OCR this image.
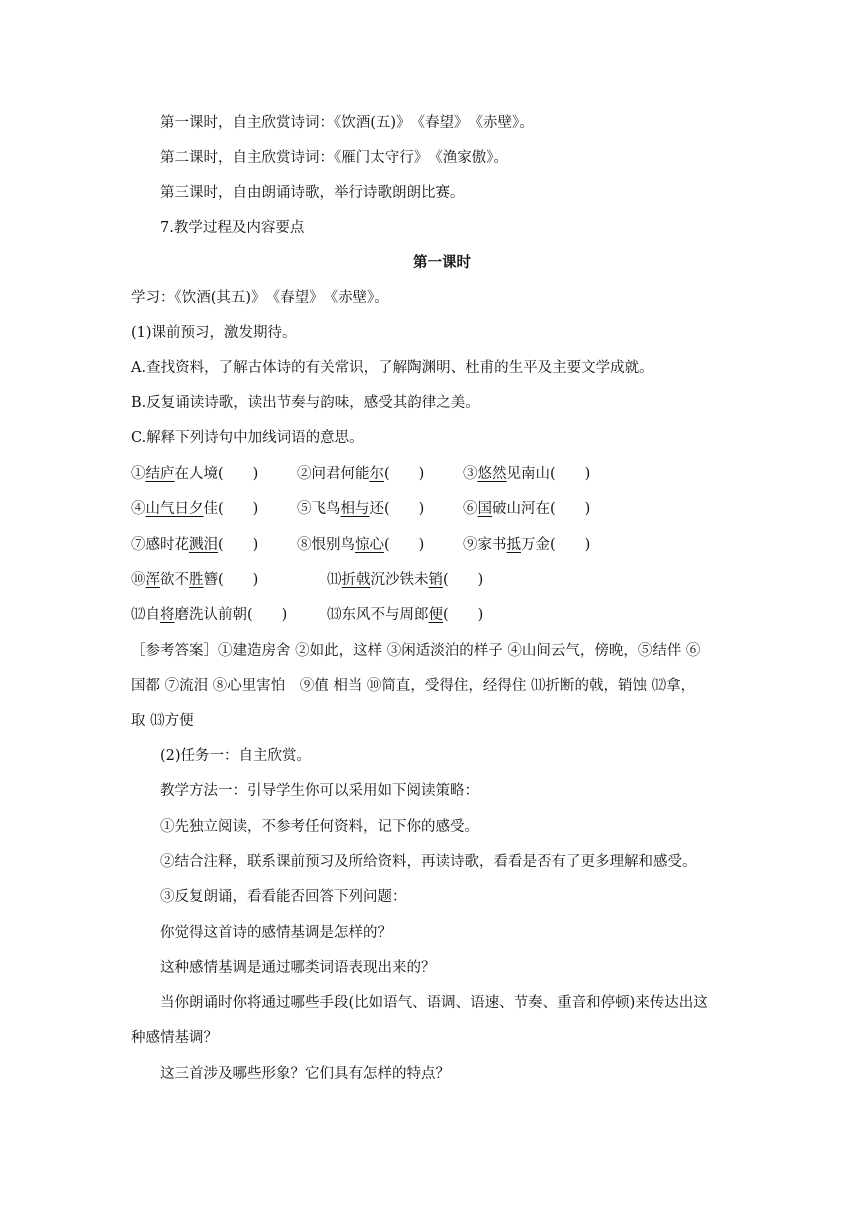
第一课时，自主欣赏诗词：《饮酒(五)》　《春望》　《赤壁》。
第二课时，自主欣赏诗词：《雁门太守行》　《渔家傲》。
第三课时，自由朗诵诗歌，举行诗歌朗朗比赛。
7.教学过程及内容要点
第一课时
学习：《饮酒(其五)》　《春望》　《赤壁》。
(1)课前预习，激发期待。
A.查找资料，了解古体诗的有关常识，了解陶渊明、杜甫的生平及主要文学成就。
B.反复诵读诗歌，读出节奏与韵味，感受其韵律之美。
C.解释下列诗句中加线词语的意思。
①结庐在人境(　　)	②问君何能尔(　　)	③悠然见南山(　　)
④山气日夕佳(　　)	⑤飞鸟相与还(　　)	⑥国破山河在(　　)
⑦感时花溅泪(　　)	⑧恨别鸟惊心(　　)	⑨家书抵万金(　　)
⑩浑欲不胜簪(　　)	⑾折戟沉沙铁未销(　　)
⑿自将磨洗认前朝(　　)	⒀东风不与周郎便(　　)
［参考答案］①建造房舍 ②如此，这样 ③闲适淡泊的样子 ④山间云气，傍晚，⑤结伴 ⑥
国都 ⑦流泪 ⑧心里害怕　⑨值 相当 ⑩简直，受得住，经得住 ⑾折断的戟，销蚀 ⑿拿，
取 ⒀方便
(2)任务一：自主欣赏。
教学方法一：引导学生你可以采用如下阅读策略：
①先独立阅读，不参考任何资料，记下你的感受。
②结合注释，联系课前预习及所给资料，再读诗歌，看看是否有了更多理解和感受。
③反复朗诵，看看能否回答下列问题：
你觉得这首诗的感情基调是怎样的？
这种感情基调是通过哪类词语表现出来的？
当你朗诵时你将通过哪些手段(比如语气、语调、语速、节奏、重音和停顿)来传达出这
种感情基调？
这三首涉及哪些形象？它们具有怎样的特点？
